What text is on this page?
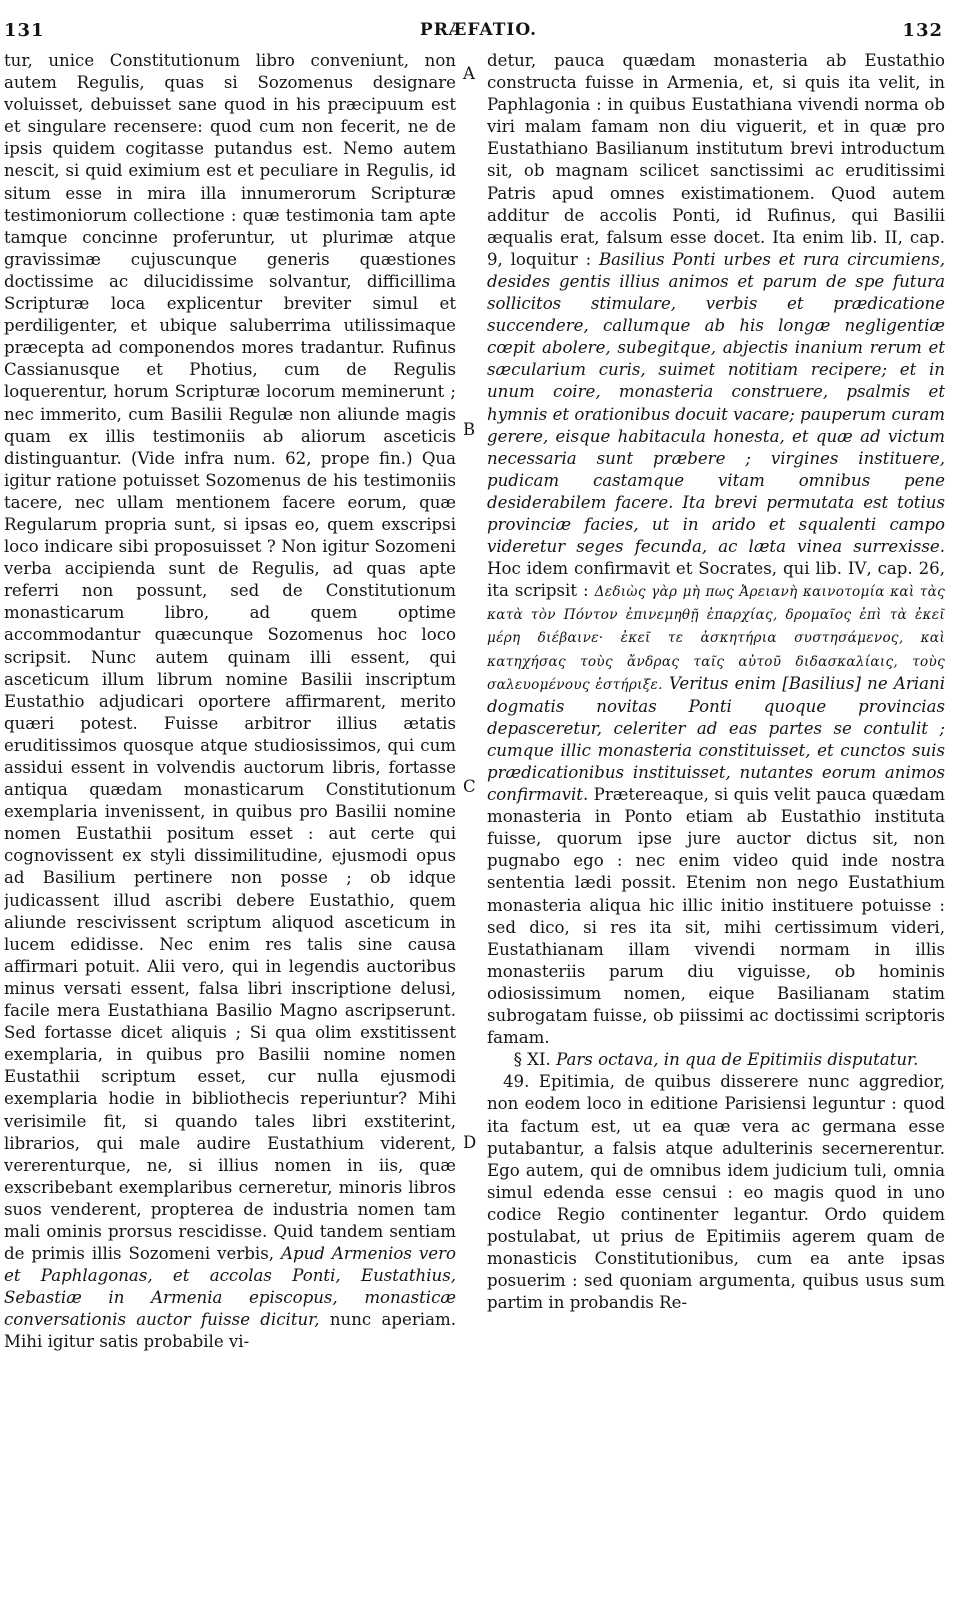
131	PRÆFATIO.	132
A
B
C
D

tur, unice Constitutionum libro conveniunt, non autem Regulis, quas si Sozomenus designare voluisset, debuisset sane quod in his præcipuum est et singulare recensere: quod cum non fecerit, ne de ipsis quidem cogitasse putandus est. Nemo autem nescit, si quid eximium est et peculiare in Regulis, id situm esse in mira illa innumerorum Scripturæ testimoniorum collectione : quæ testimonia tam apte tamque concinne proferuntur, ut plurimæ atque gravissimæ cujuscunque generis quæstiones doctissime ac dilucidissime solvantur, difficillima Scripturæ loca explicentur breviter simul et perdiligenter, et ubique saluberrima utilissimaque præcepta ad componendos mores tradantur. Rufinus Cassianusque et Photius, cum de Regulis loquerentur, horum Scripturæ locorum meminerunt ; nec immerito, cum Basilii Regulæ non aliunde magis quam ex illis testimoniis ab aliorum asceticis distinguantur. (Vide infra num. 62, prope fin.) Qua igitur ratione potuisset Sozomenus de his testimoniis tacere, nec ullam mentionem facere eorum, quæ Regularum propria sunt, si ipsas eo, quem exscripsi loco indicare sibi proposuisset ? Non igitur Sozomeni verba accipienda sunt de Regulis, ad quas apte referri non possunt, sed de Constitutionum monasticarum libro, ad quem optime accommodantur quæcunque Sozomenus hoc loco scripsit. Nunc autem quinam illi essent, qui asceticum illum librum nomine Basilii inscriptum Eustathio adjudicari oportere affirmarent, merito quæri potest. Fuisse arbitror illius ætatis eruditissimos quosque atque studiosissimos, qui cum assidui essent in volvendis auctorum libris, fortasse antiqua quædam monasticarum Constitutionum exemplaria invenissent, in quibus pro Basilii nomine nomen Eustathii positum esset : aut certe qui cognovissent ex styli dissimilitudine, ejusmodi opus ad Basilium pertinere non posse ; ob idque judicassent illud ascribi debere Eustathio, quem aliunde rescivissent scriptum aliquod asceticum in lucem edidisse. Nec enim res talis sine causa affirmari potuit. Alii vero, qui in legendis auctoribus minus versati essent, falsa libri inscriptione delusi, facile mera Eustathiana Basilio Magno ascripserunt. Sed fortasse dicet aliquis ; Si qua olim exstitissent exemplaria, in quibus pro Basilii nomine nomen Eustathii scriptum esset, cur nulla ejusmodi exemplaria hodie in bibliothecis reperiuntur? Mihi verisimile fit, si quando tales libri exstiterint, librarios, qui male audire Eustathium viderent, vererenturque, ne, si illius nomen in iis, quæ exscribebant exemplaribus cerneretur, minoris libros suos venderent, propterea de industria nomen tam mali ominis prorsus rescidisse. Quid tandem sentiam de primis illis Sozomeni verbis, Apud Armenios vero et Paphlagonas, et accolas Ponti, Eustathius, Sebastiæ in Armenia episcopus, monasticæ conversationis auctor fuisse dicitur, nunc aperiam. Mihi igitur satis probabile vi-

detur, pauca quædam monasteria ab Eustathio constructa fuisse in Armenia, et, si quis ita velit, in Paphlagonia : in quibus Eustathiana vivendi norma ob viri malam famam non diu viguerit, et in quæ pro Eustathiano Basilianum institutum brevi introductum sit, ob magnam scilicet sanctissimi ac eruditissimi Patris apud omnes existimationem. Quod autem additur de accolis Ponti, id Rufinus, qui Basilii æqualis erat, falsum esse docet. Ita enim lib. II, cap. 9, loquitur : Basilius Ponti urbes et rura circumiens, desides gentis illius animos et parum de spe futura sollicitos stimulare, verbis et prædicatione succendere, callumque ab his longæ negligentiæ cœpit abolere, subegitque, abjectis inanium rerum et sæcularium curis, suimet notitiam recipere; et in unum coire, monasteria construere, psalmis et hymnis et orationibus docuit vacare; pauperum curam gerere, eisque habitacula honesta, et quæ ad victum necessaria sunt præbere ; virgines instituere, pudicam castamque vitam omnibus pene desiderabilem facere. Ita brevi permutata est totius provinciæ facies, ut in arido et squalenti campo videretur seges fecunda, ac læta vinea surrexisse. Hoc idem confirmavit et Socrates, qui lib. IV, cap. 26, ita scripsit : Δεδιὼς γὰρ μὴ πως Ἀρειανὴ καινοτομία καὶ τὰς κατὰ τὸν Πόντον ἐπινεμηθῇ ἐπαρχίας, δρομαῖος ἐπὶ τὰ ἐκεῖ μέρη διέβαινε· ἐκεῖ τε ἀσκητήρια συστησάμενος, καὶ κατηχήσας τοὺς ἄνδρας ταῖς αὐτοῦ διδασκαλίαις, τοὺς σαλευομένους ἐστήριξε. Veritus enim [Basilius] ne Ariani dogmatis novitas Ponti quoque provincias depasceretur, celeriter ad eas partes se contulit ; cumque illic monasteria constituisset, et cunctos suis prædicationibus instituisset, nutantes eorum animos confirmavit. Prætereaque, si quis velit pauca quædam monasteria in Ponto etiam ab Eustathio instituta fuisse, quorum ipse jure auctor dictus sit, non pugnabo ego : nec enim video quid inde nostra sententia lædi possit. Etenim non nego Eustathium monasteria aliqua hic illic initio instituere potuisse : sed dico, si res ita sit, mihi certissimum videri, Eustathianam illam vivendi normam in illis monasteriis parum diu viguisse, ob hominis odiosissimum nomen, eique Basilianam statim subrogatam fuisse, ob piissimi ac doctissimi scriptoris famam.

§ XI. Pars octava, in qua de Epitimiis disputatur.

49. Epitimia, de quibus disserere nunc aggredior, non eodem loco in editione Parisiensi leguntur : quod ita factum est, ut ea quæ vera ac germana esse putabantur, a falsis atque adulterinis secernerentur. Ego autem, qui de omnibus idem judicium tuli, omnia simul edenda esse censui : eo magis quod in uno codice Regio continenter legantur. Ordo quidem postulabat, ut prius de Epitimiis agerem quam de monasticis Constitutionibus, cum ea ante ipsas posuerim : sed quoniam argumenta, quibus usus sum partim in probandis Re-
